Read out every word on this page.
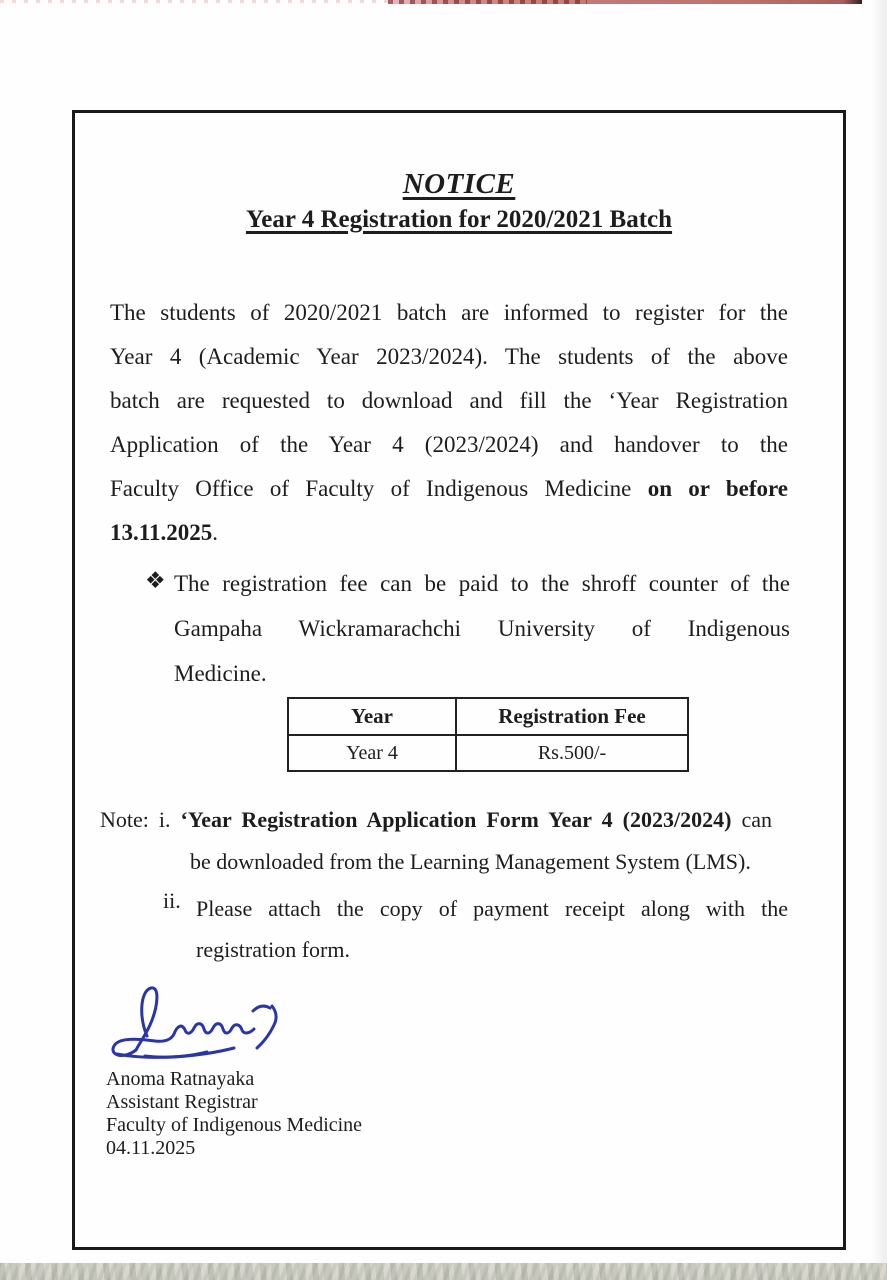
NOTICE
Year 4 Registration for 2020/2021 Batch
The students of 2020/2021 batch are informed to register for the
Year 4 (Academic Year 2023/2024). The students of the above
batch are requested to download and fill the ‘Year Registration
Application of the Year 4 (2023/2024) and handover to the
Faculty Office of Faculty of Indigenous Medicine on or before
13.11.2025.
❖ The registration fee can be paid to the shroff counter of the
Gampaha Wickramarachchi University of Indigenous
Medicine.
Year	Registration Fee
Year 4	Rs.500/-
Note: i. ‘Year Registration Application Form Year 4 (2023/2024) can
be downloaded from the Learning Management System (LMS).
ii. Please attach the copy of payment receipt along with the
registration form.
Anoma Ratnayaka
Assistant Registrar
Faculty of Indigenous Medicine
04.11.2025
